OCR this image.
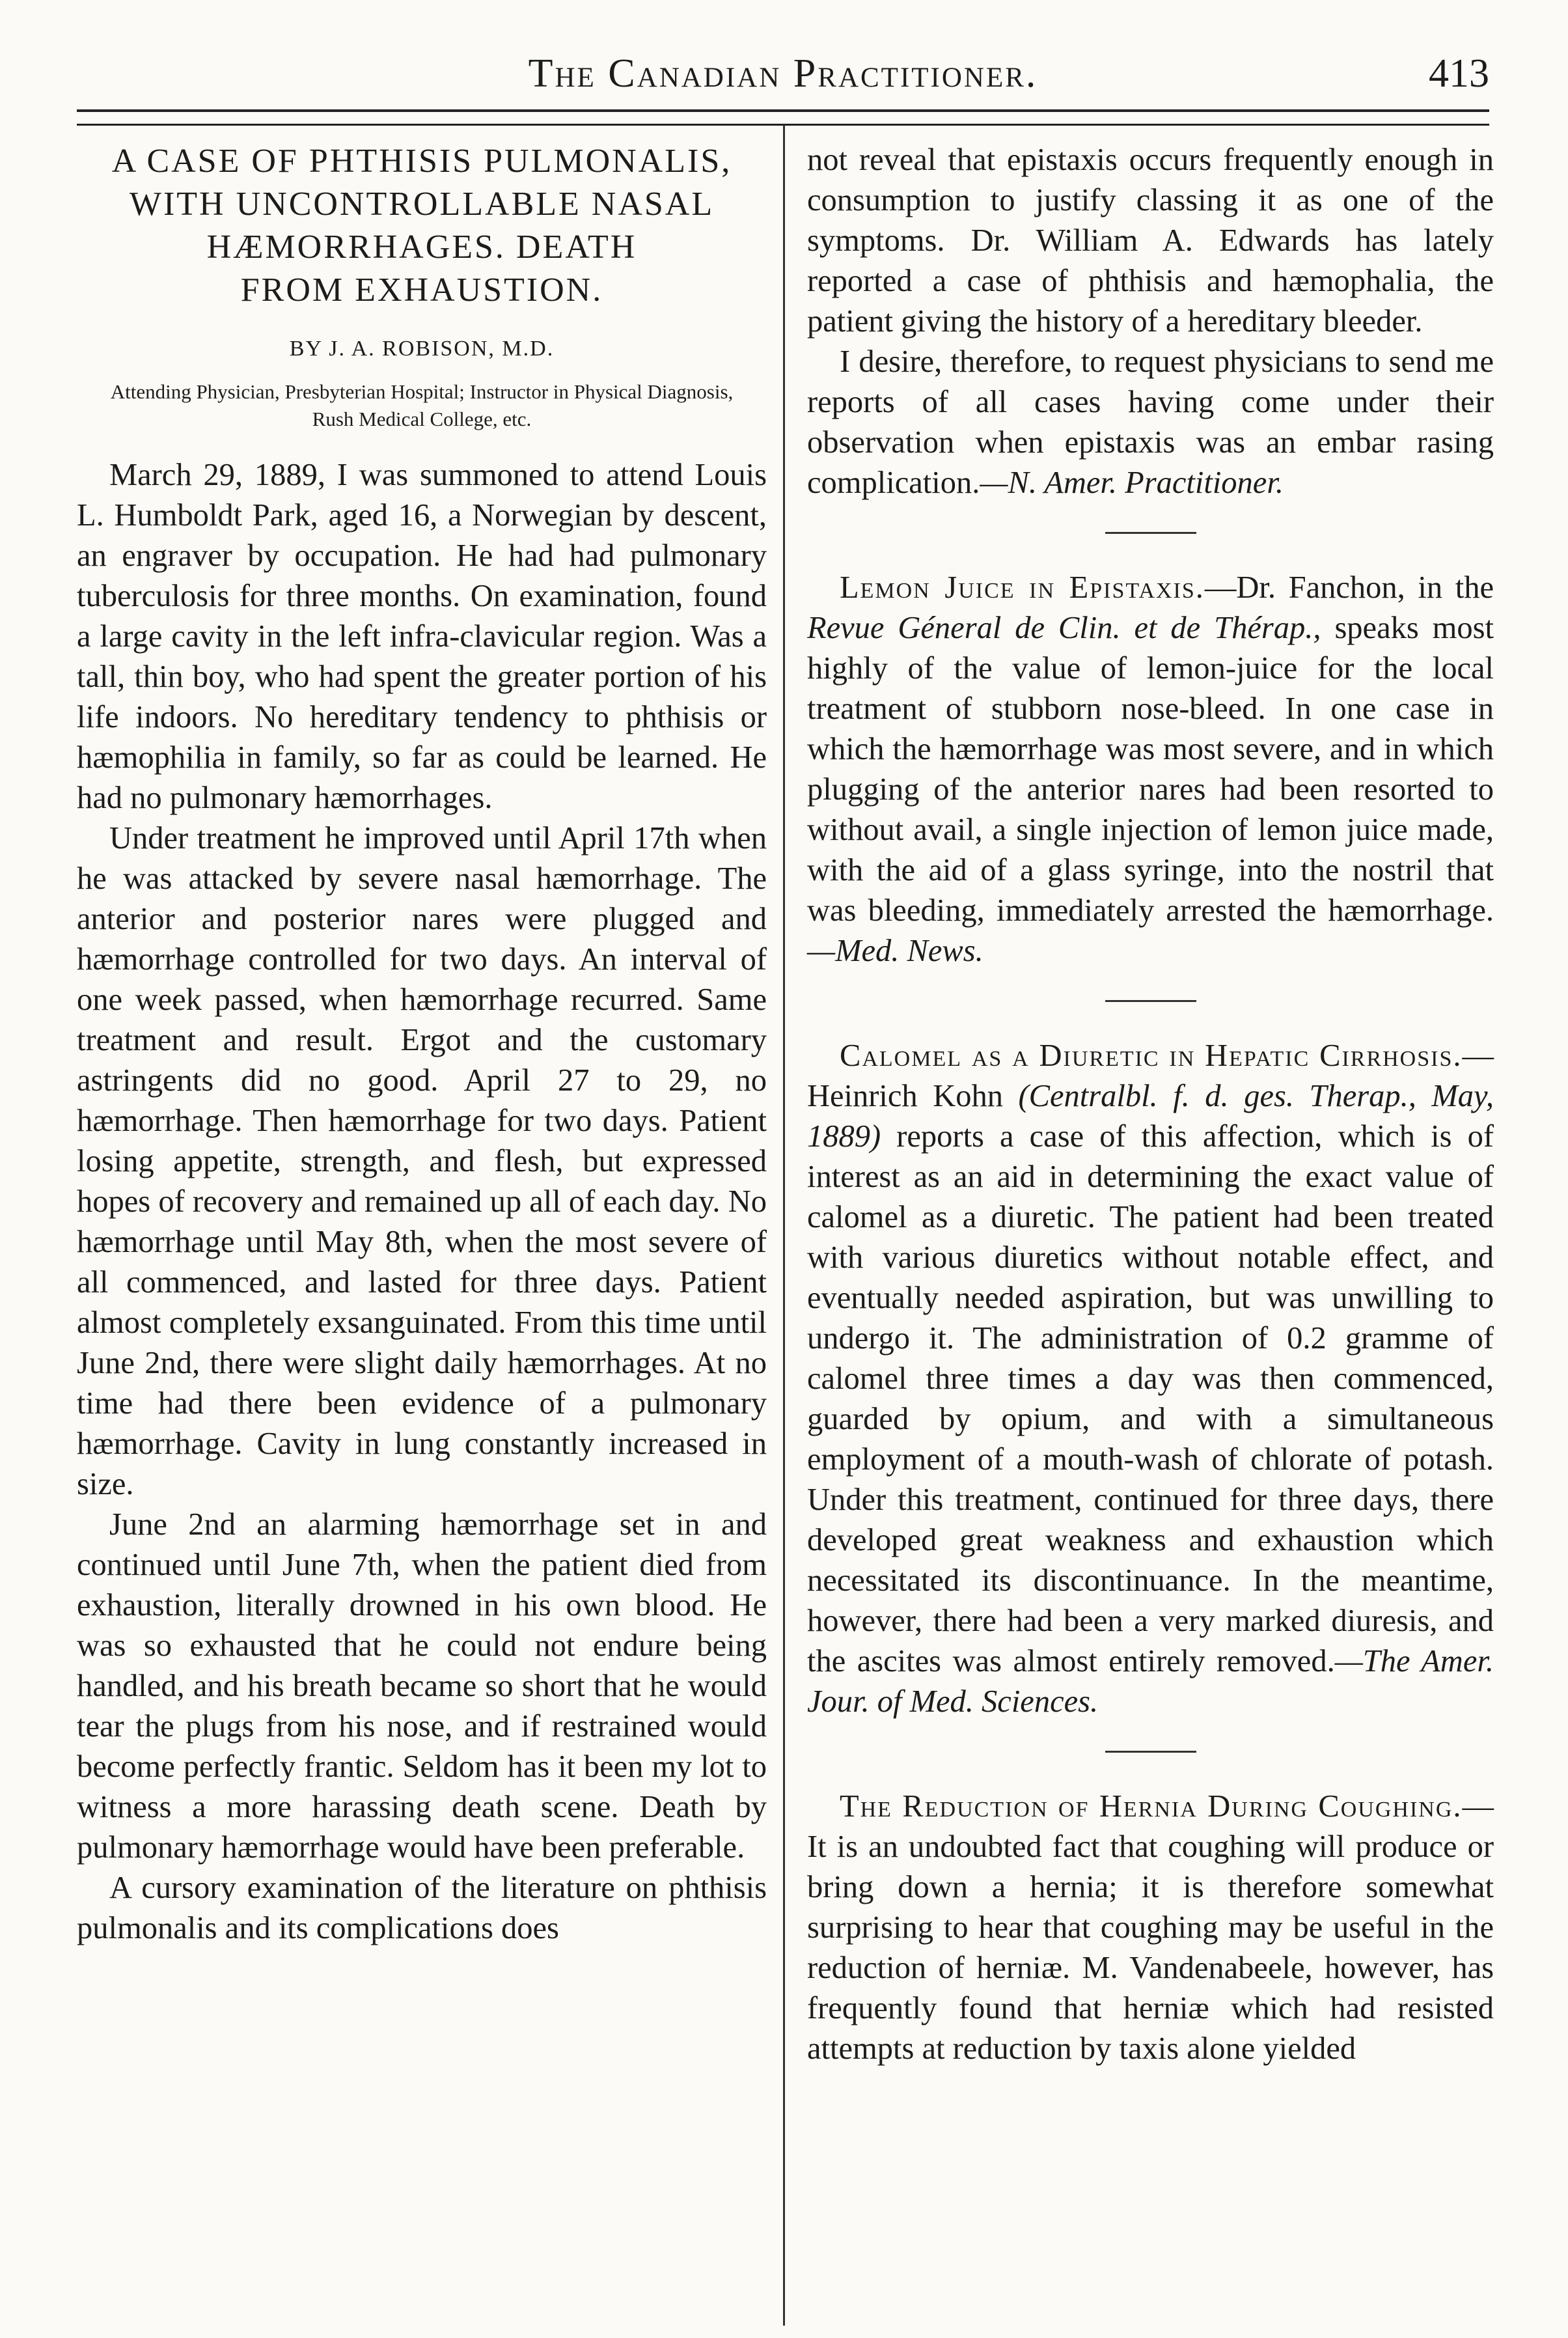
The Canadian Practitioner.	413
A CASE OF PHTHISIS PULMONALIS,
WITH UNCONTROLLABLE NASAL
HÆMORRHAGES. DEATH
FROM EXHAUSTION.
BY J. A. ROBISON, M.D.
Attending Physician, Presbyterian Hospital; Instructor in Physical Diagnosis, Rush Medical College, etc.

March 29, 1889, I was summoned to attend Louis L. Humboldt Park, aged 16, a Norwegian by descent, an engraver by occupation. He had had pulmonary tuberculosis for three months. On examination, found a large cavity in the left infra-clavicular region. Was a tall, thin boy, who had spent the greater portion of his life indoors. No hereditary tendency to phthisis or hæmophilia in family, so far as could be learned. He had no pulmonary hæmorrhages.

Under treatment he improved until April 17th when he was attacked by severe nasal hæmorrhage. The anterior and posterior nares were plugged and hæmorrhage controlled for two days. An interval of one week passed, when hæmorrhage recurred. Same treatment and result. Ergot and the customary astringents did no good. April 27 to 29, no hæmorrhage. Then hæmorrhage for two days. Patient losing appetite, strength, and flesh, but expressed hopes of recovery and remained up all of each day. No hæmorrhage until May 8th, when the most severe of all commenced, and lasted for three days. Patient almost completely exsanguinated. From this time until June 2nd, there were slight daily hæmorrhages. At no time had there been evidence of a pulmonary hæmorrhage. Cavity in lung constantly increased in size.

June 2nd an alarming hæmorrhage set in and continued until June 7th, when the patient died from exhaustion, literally drowned in his own blood. He was so exhausted that he could not endure being handled, and his breath became so short that he would tear the plugs from his nose, and if restrained would become perfectly frantic. Seldom has it been my lot to witness a more harassing death scene. Death by pulmonary hæmorrhage would have been preferable.

A cursory examination of the literature on phthisis pulmonalis and its complications does

not reveal that epistaxis occurs frequently enough in consumption to justify classing it as one of the symptoms. Dr. William A. Edwards has lately reported a case of phthisis and hæmophalia, the patient giving the history of a hereditary bleeder.

I desire, therefore, to request physicians to send me reports of all cases having come under their observation when epistaxis was an embar rasing complication.—N. Amer. Practitioner.

Lemon Juice in Epistaxis.—Dr. Fanchon, in the Revue Géneral de Clin. et de Thérap., speaks most highly of the value of lemon-juice for the local treatment of stubborn nose-bleed. In one case in which the hæmorrhage was most severe, and in which plugging of the anterior nares had been resorted to without avail, a single injection of lemon juice made, with the aid of a glass syringe, into the nostril that was bleeding, immediately arrested the hæmorrhage.—Med. News.

Calomel as a Diuretic in Hepatic Cirrhosis.—Heinrich Kohn (Centralbl. f. d. ges. Therap., May, 1889) reports a case of this affection, which is of interest as an aid in determining the exact value of calomel as a diuretic. The patient had been treated with various diuretics without notable effect, and eventually needed aspiration, but was unwilling to undergo it. The administration of 0.2 gramme of calomel three times a day was then commenced, guarded by opium, and with a simultaneous employment of a mouth-wash of chlorate of potash. Under this treatment, continued for three days, there developed great weakness and exhaustion which necessitated its discontinuance. In the meantime, however, there had been a very marked diuresis, and the ascites was almost entirely removed.—The Amer. Jour. of Med. Sciences.

The Reduction of Hernia During Coughing.—It is an undoubted fact that coughing will produce or bring down a hernia; it is therefore somewhat surprising to hear that coughing may be useful in the reduction of herniæ. M. Vandenabeele, however, has frequently found that herniæ which had resisted attempts at reduction by taxis alone yielded
